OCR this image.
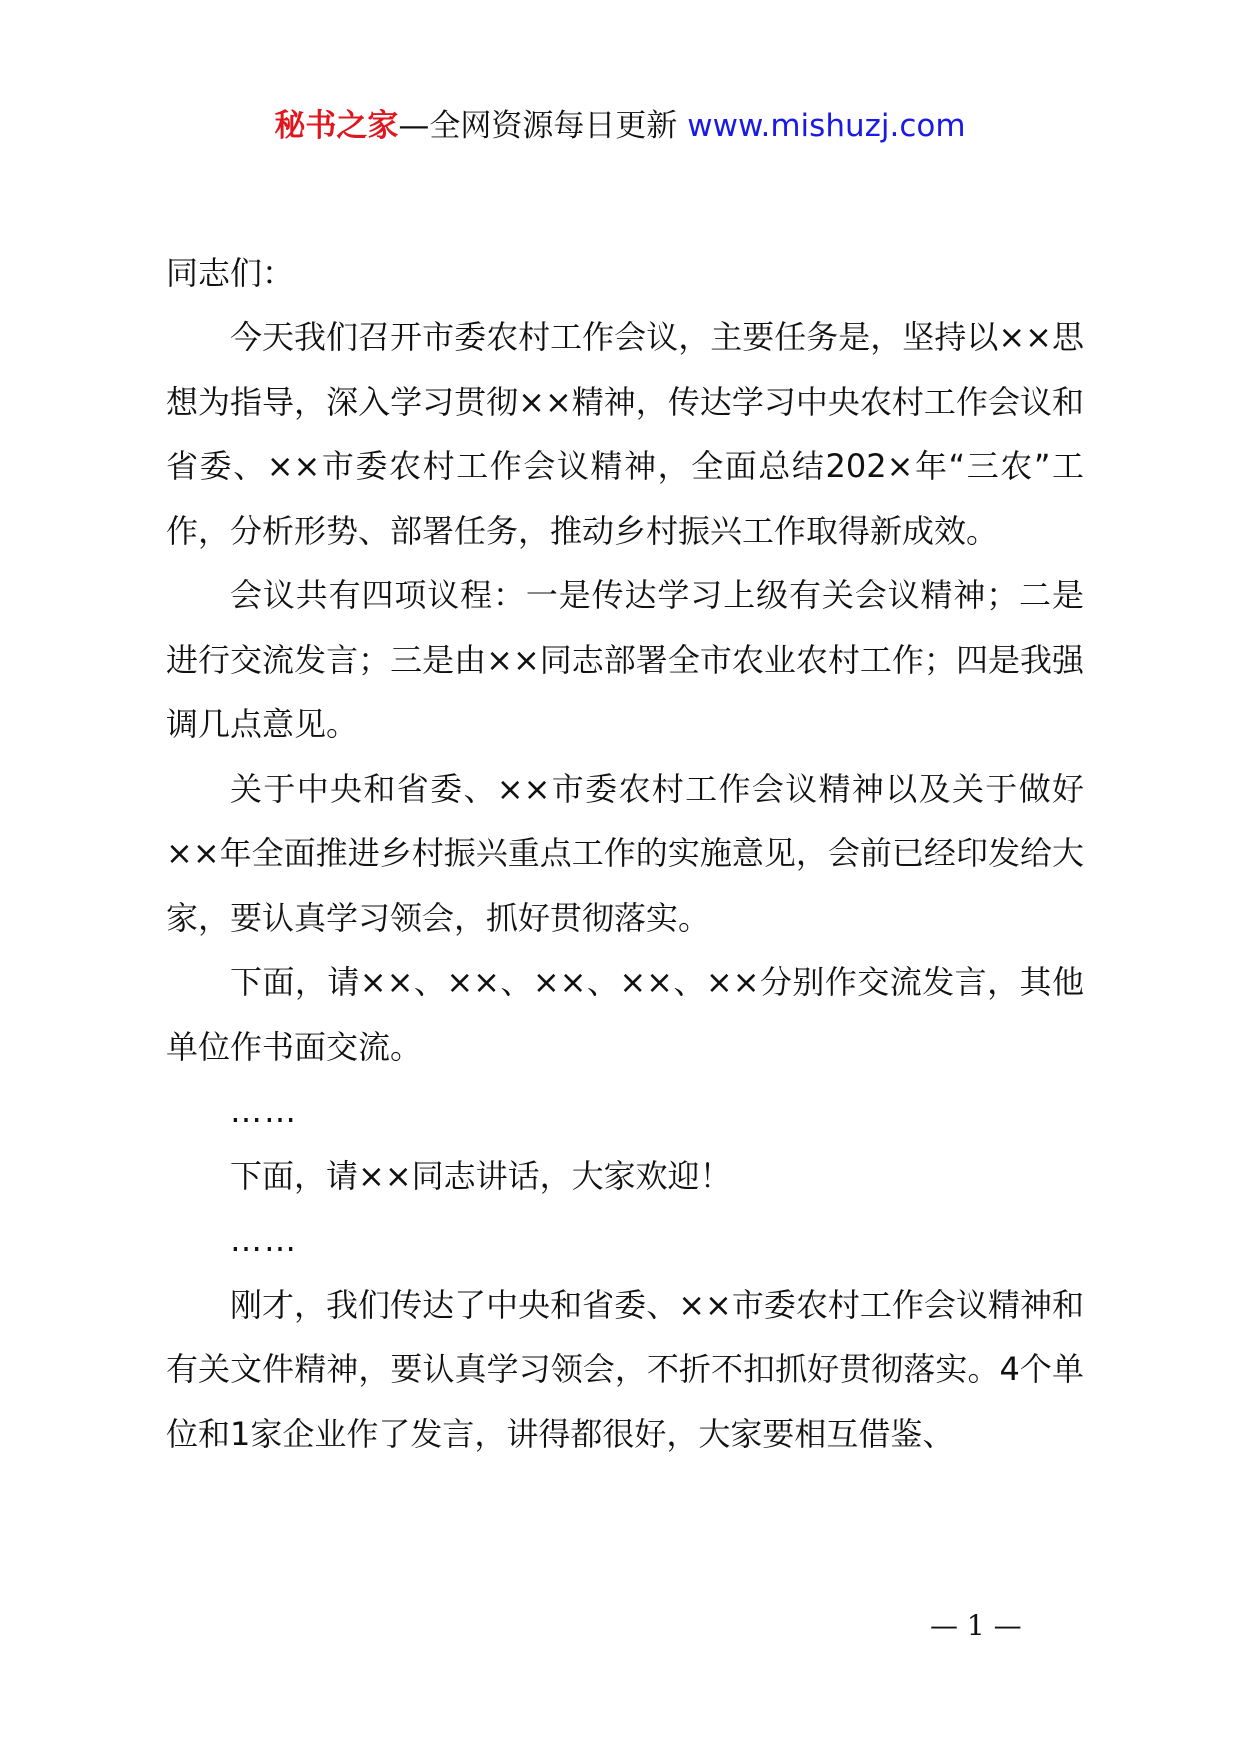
秘书之家—全网资源每日更新 www.mishuzj.com

同志们：

今天我们召开市委农村工作会议，主要任务是，坚持以××思想为指导，深入学习贯彻××精神，传达学习中央农村工作会议和省委、××市委农村工作会议精神，全面总结202×年“三农”工作，分析形势、部署任务，推动乡村振兴工作取得新成效。

会议共有四项议程：一是传达学习上级有关会议精神；二是进行交流发言；三是由××同志部署全市农业农村工作；四是我强调几点意见。

关于中央和省委、××市委农村工作会议精神以及关于做好××年全面推进乡村振兴重点工作的实施意见，会前已经印发给大家，要认真学习领会，抓好贯彻落实。

下面，请××、××、××、××、××分别作交流发言，其他单位作书面交流。

……

下面，请××同志讲话，大家欢迎！

……

刚才，我们传达了中央和省委、××市委农村工作会议精神和有关文件精神，要认真学习领会，不折不扣抓好贯彻落实。4个单位和1家企业作了发言，讲得都很好，大家要相互借鉴、

— 1 —
